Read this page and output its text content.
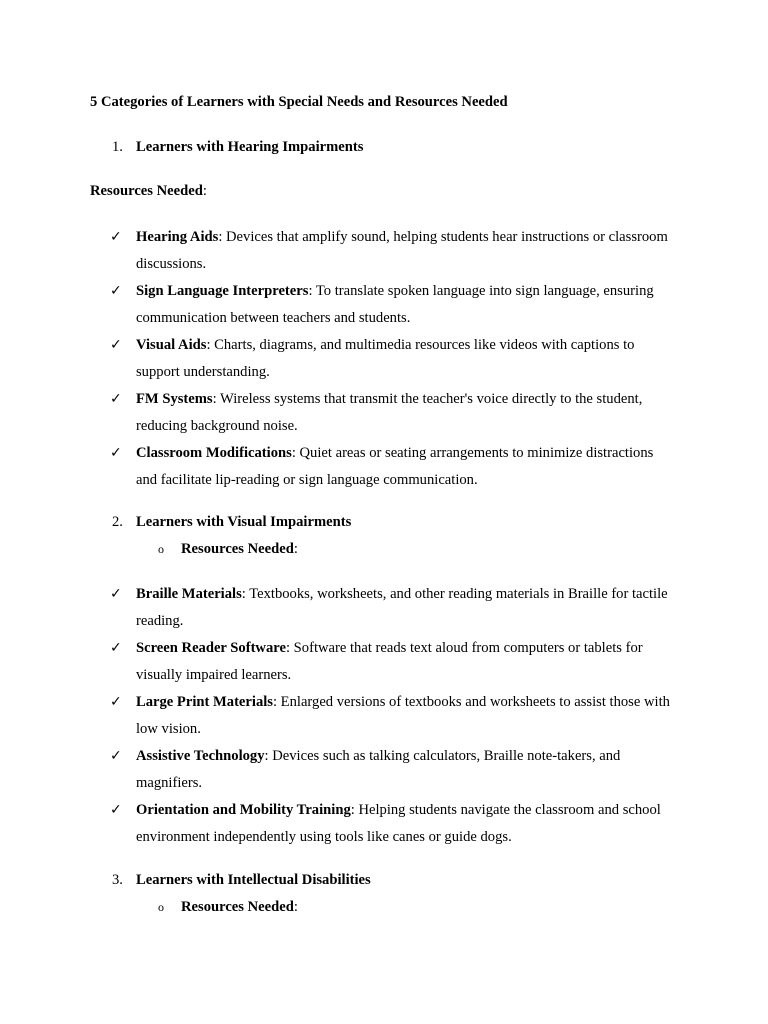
5 Categories of Learners with Special Needs and Resources Needed
1. Learners with Hearing Impairments
Resources Needed:
✓ Hearing Aids: Devices that amplify sound, helping students hear instructions or classroom discussions.
✓ Sign Language Interpreters: To translate spoken language into sign language, ensuring communication between teachers and students.
✓ Visual Aids: Charts, diagrams, and multimedia resources like videos with captions to support understanding.
✓ FM Systems: Wireless systems that transmit the teacher's voice directly to the student, reducing background noise.
✓ Classroom Modifications: Quiet areas or seating arrangements to minimize distractions and facilitate lip-reading or sign language communication.
2. Learners with Visual Impairments
o Resources Needed:
✓ Braille Materials: Textbooks, worksheets, and other reading materials in Braille for tactile reading.
✓ Screen Reader Software: Software that reads text aloud from computers or tablets for visually impaired learners.
✓ Large Print Materials: Enlarged versions of textbooks and worksheets to assist those with low vision.
✓ Assistive Technology: Devices such as talking calculators, Braille note-takers, and magnifiers.
✓ Orientation and Mobility Training: Helping students navigate the classroom and school environment independently using tools like canes or guide dogs.
3. Learners with Intellectual Disabilities
o Resources Needed:
